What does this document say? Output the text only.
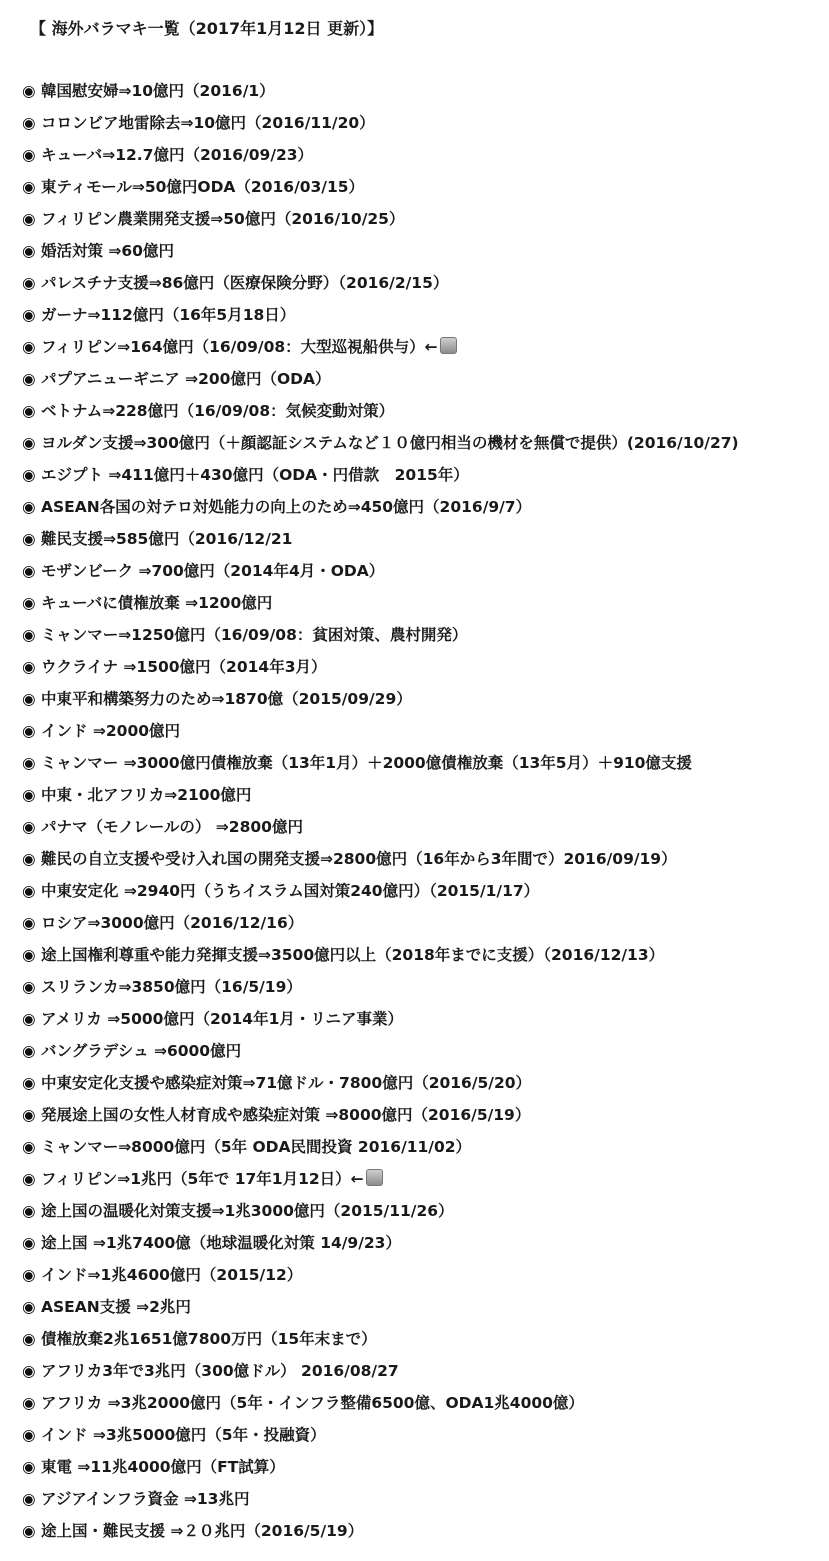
【 海外バラマキ一覧（2017年1月12日 更新）】
◉ 韓国慰安婦⇒10億円（2016/1）
◉ コロンビア地雷除去⇒10億円（2016/11/20）
◉ キューバ⇒12.7億円（2016/09/23）
◉ 東ティモール⇒50億円ODA（2016/03/15）
◉ フィリピン農業開発支援⇒50億円（2016/10/25）
◉ 婚活対策 ⇒60億円
◉ パレスチナ支援⇒86億円（医療保険分野）（2016/2/15）
◉ ガーナ⇒112億円（16年5月18日）
◉ フィリピン⇒164億円（16/09/08：大型巡視船供与）←
◉ パプアニューギニア ⇒200億円（ODA）
◉ ベトナム⇒228億円（16/09/08：気候変動対策）
◉ ヨルダン支援⇒300億円（＋顔認証システムなど１０億円相当の機材を無償で提供）(2016/10/27)
◉ エジプト ⇒411億円＋430億円（ODA・円借款　2015年）
◉ ASEAN各国の対テロ対処能力の向上のため⇒450億円（2016/9/7）
◉ 難民支援⇒585億円（2016/12/21
◉ モザンビーク ⇒700億円（2014年4月・ODA）
◉ キューバに債権放棄 ⇒1200億円
◉ ミャンマー⇒1250億円（16/09/08：貧困対策、農村開発）
◉ ウクライナ ⇒1500億円（2014年3月）
◉ 中東平和構築努力のため⇒1870億（2015/09/29）
◉ インド ⇒2000億円
◉ ミャンマー ⇒3000億円債権放棄（13年1月）＋2000億債権放棄（13年5月）＋910億支援
◉ 中東・北アフリカ⇒2100億円
◉ パナマ（モノレールの） ⇒2800億円
◉ 難民の自立支援や受け入れ国の開発支援⇒2800億円（16年から3年間で）2016/09/19）
◉ 中東安定化 ⇒2940円（うちイスラム国対策240億円）（2015/1/17）
◉ ロシア⇒3000億円（2016/12/16）
◉ 途上国権利尊重や能力発揮支援⇒3500億円以上（2018年までに支援）（2016/12/13）
◉ スリランカ⇒3850億円（16/5/19）
◉ アメリカ ⇒5000億円（2014年1月・リニア事業）
◉ バングラデシュ ⇒6000億円
◉ 中東安定化支援や感染症対策⇒71億ドル・7800億円（2016/5/20）
◉ 発展途上国の女性人材育成や感染症対策 ⇒8000億円（2016/5/19）
◉ ミャンマー⇒8000億円（5年 ODA民間投資 2016/11/02）
◉ フィリピン⇒1兆円（5年で 17年1月12日）←
◉ 途上国の温暖化対策支援⇒1兆3000億円（2015/11/26）
◉ 途上国 ⇒1兆7400億（地球温暖化対策 14/9/23）
◉ インド⇒1兆4600億円（2015/12）
◉ ASEAN支援 ⇒2兆円
◉ 債権放棄2兆1651億7800万円（15年末まで）
◉ アフリカ3年で3兆円（300億ドル） 2016/08/27
◉ アフリカ ⇒3兆2000億円（5年・インフラ整備6500億、ODA1兆4000億）
◉ インド ⇒3兆5000億円（5年・投融資）
◉ 東電 ⇒11兆4000億円（FT試算）
◉ アジアインフラ資金 ⇒13兆円
◉ 途上国・難民支援 ⇒２０兆円（2016/5/19）
